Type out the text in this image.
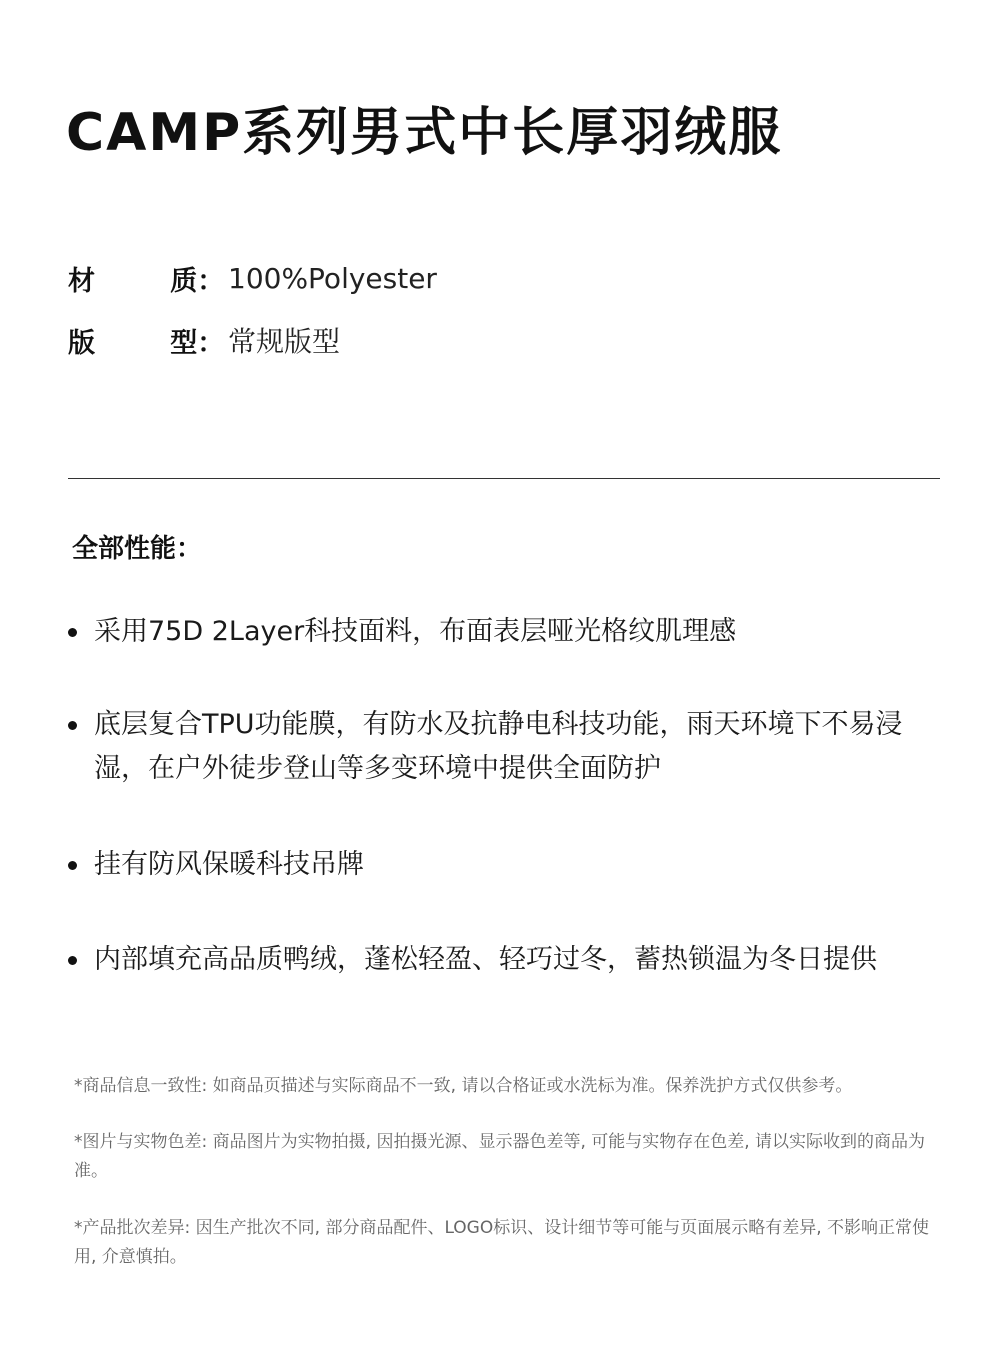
CAMP系列男式中长厚羽绒服
材        质： 100%Polyester
版        型： 常规版型
全部性能：
采用75D 2Layer科技面料，布面表层哑光格纹肌理感
底层复合TPU功能膜，有防水及抗静电科技功能，雨天环境下不易浸湿，在户外徒步登山等多变环境中提供全面防护
挂有防风保暖科技吊牌
内部填充高品质鸭绒，蓬松轻盈、轻巧过冬，蓄热锁温为冬日提供
*商品信息一致性: 如商品页描述与实际商品不一致, 请以合格证或水洗标为准。保养洗护方式仅供参考。
*图片与实物色差: 商品图片为实物拍摄, 因拍摄光源、显示器色差等, 可能与实物存在色差, 请以实际收到的商品为准。
*产品批次差异: 因生产批次不同, 部分商品配件、LOGO标识、设计细节等可能与页面展示略有差异, 不影响正常使用, 介意慎拍。
